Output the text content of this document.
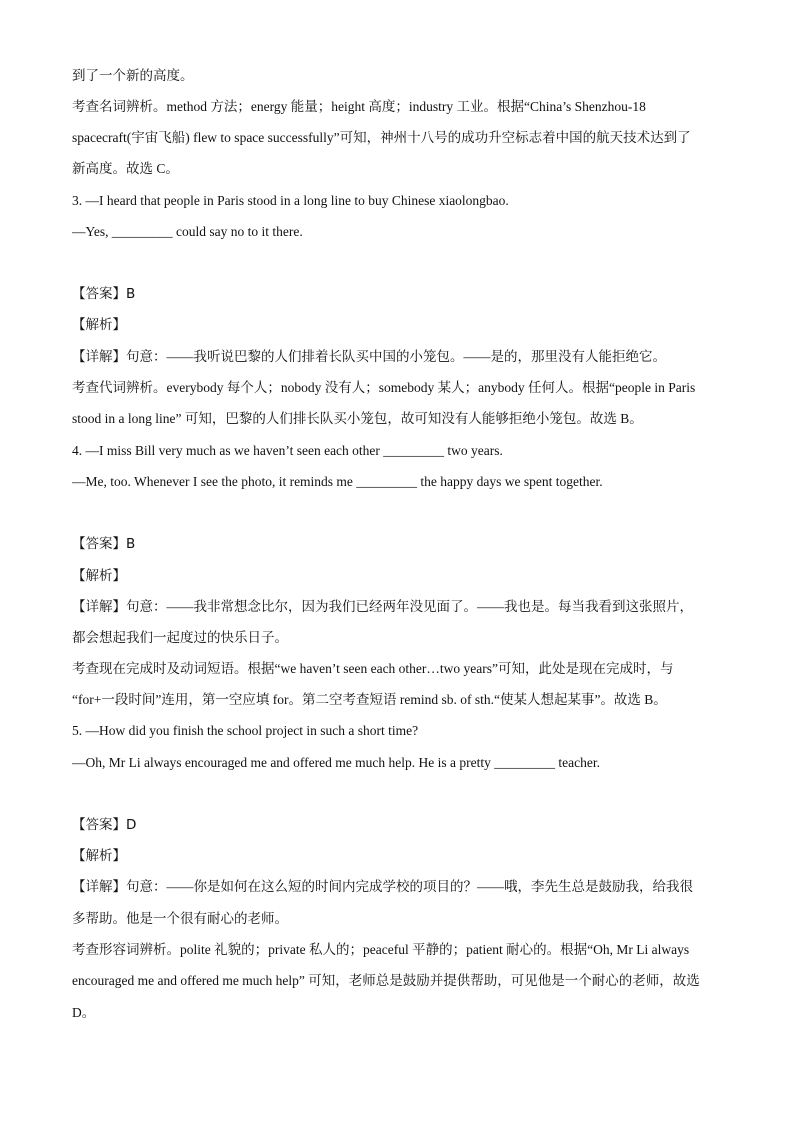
到了一个新的高度。
考查名词辨析。method 方法；energy 能量；height 高度；industry 工业。根据“China’s Shenzhou-18
spacecraft(宇宙飞船) flew to space successfully”可知，神州十八号的成功升空标志着中国的航天技术达到了
新高度。故选 C。
3. —I heard that people in Paris stood in a long line to buy Chinese xiaolongbao.
—Yes, _________ could say no to it there.
【答案】B
【解析】
【详解】句意：——我听说巴黎的人们排着长队买中国的小笼包。——是的，那里没有人能拒绝它。
考查代词辨析。everybody 每个人；nobody 没有人；somebody 某人；anybody 任何人。根据“people in Paris
stood in a long line” 可知，巴黎的人们排长队买小笼包，故可知没有人能够拒绝小笼包。故选 B。
4. —I miss Bill very much as we haven’t seen each other _________ two years.
—Me, too. Whenever I see the photo, it reminds me _________ the happy days we spent together.
【答案】B
【解析】
【详解】句意：——我非常想念比尔，因为我们已经两年没见面了。——我也是。每当我看到这张照片，
都会想起我们一起度过的快乐日子。
考查现在完成时及动词短语。根据“we haven’t seen each other…two years”可知，此处是现在完成时，与
“for+一段时间”连用，第一空应填 for。第二空考查短语 remind sb. of sth.“使某人想起某事”。故选 B。
5. —How did you finish the school project in such a short time?
—Oh, Mr Li always encouraged me and offered me much help. He is a pretty _________ teacher.
【答案】D
【解析】
【详解】句意：——你是如何在这么短的时间内完成学校的项目的？——哦，李先生总是鼓励我，给我很
多帮助。他是一个很有耐心的老师。
考查形容词辨析。polite 礼貌的；private 私人的；peaceful 平静的；patient 耐心的。根据“Oh, Mr Li always
encouraged me and offered me much help” 可知，老师总是鼓励并提供帮助，可见他是一个耐心的老师，故选
D。
